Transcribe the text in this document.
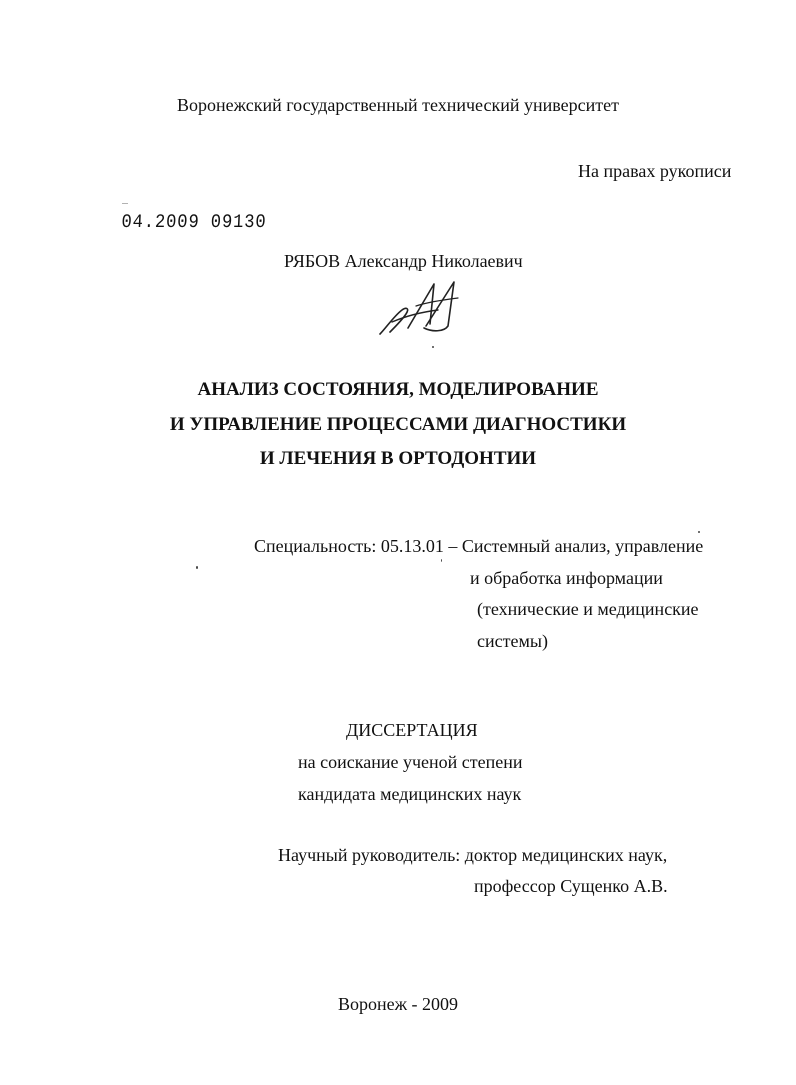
Воронежский государственный технический университет
На правах рукописи
...
04.2009 09130
РЯБОВ Александр Николаевич
АНАЛИЗ СОСТОЯНИЯ, МОДЕЛИРОВАНИЕ
И УПРАВЛЕНИЕ ПРОЦЕССАМИ ДИАГНОСТИКИ
И ЛЕЧЕНИЯ В ОРТОДОНТИИ
Специальность: 05.13.01 – Системный анализ, управление
и обработка информации
(технические и медицинские
системы)
ДИССЕРТАЦИЯ
на соискание ученой степени
кандидата медицинских наук
Научный руководитель: доктор медицинских наук,
профессор Сущенко А.В.
Воронеж - 2009
